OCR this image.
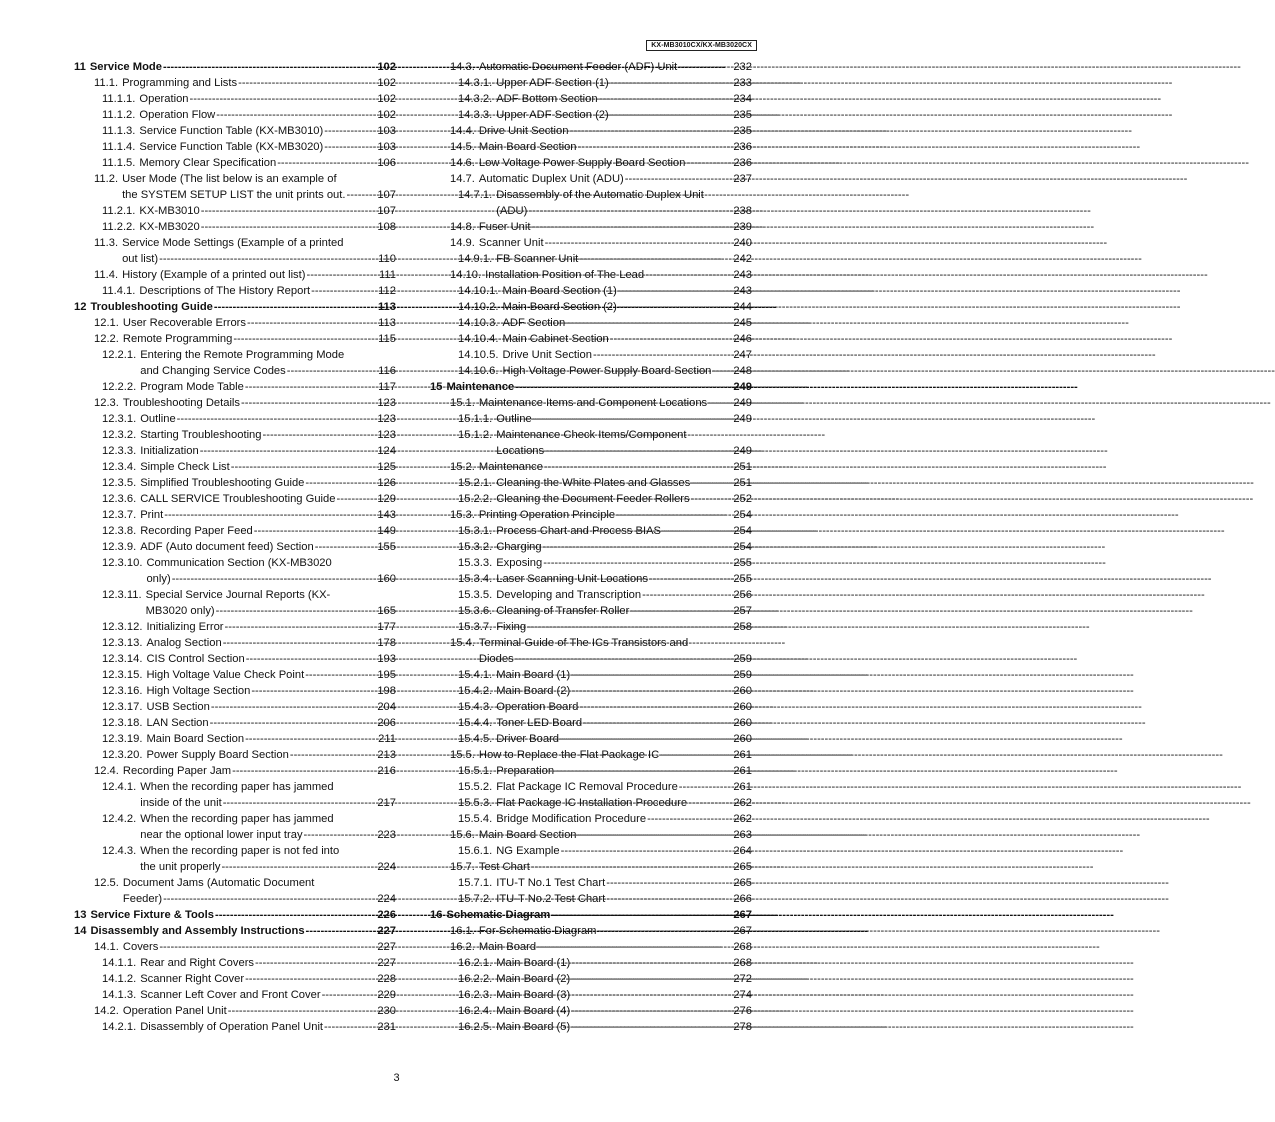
KX-MB3010CX/KX-MB3020CX
11 Service Mode -----	102
11.1. Programming and Lists -----	102
11.1.1. Operation -----	102
11.1.2. Operation Flow -----	102
11.1.3. Service Function Table (KX-MB3010) -----	103
11.1.4. Service Function Table (KX-MB3020) -----	103
11.1.5. Memory Clear Specification -----	106
11.2. User Mode (The list below is an example of
the SYSTEM SETUP LIST the unit prints out. -----	107
11.2.1. KX-MB3010 -----	107
11.2.2. KX-MB3020 -----	108
11.3. Service Mode Settings (Example of a printed
out list) -----	110
11.4. History (Example of a printed out list) -----	111
11.4.1. Descriptions of The History Report -----	112
12 Troubleshooting Guide -----	113
12.1. User Recoverable Errors -----	113
12.2. Remote Programming -----	115
12.2.1. Entering the Remote Programming Mode
and Changing Service Codes -----	116
12.2.2. Program Mode Table -----	117
12.3. Troubleshooting Details -----	123
12.3.1. Outline -----	123
12.3.2. Starting Troubleshooting -----	123
12.3.3. Initialization -----	124
12.3.4. Simple Check List -----	125
12.3.5. Simplified Troubleshooting Guide -----	126
12.3.6. CALL SERVICE Troubleshooting Guide -----	129
12.3.7. Print -----	143
12.3.8. Recording Paper Feed -----	149
12.3.9. ADF (Auto document feed) Section -----	155
12.3.10. Communication Section (KX-MB3020
only) -----	160
12.3.11. Special Service Journal Reports (KX-
MB3020 only) -----	165
12.3.12. Initializing Error -----	177
12.3.13. Analog Section -----	178
12.3.14. CIS Control Section -----	193
12.3.15. High Voltage Value Check Point -----	195
12.3.16. High Voltage Section -----	198
12.3.17. USB Section -----	204
12.3.18. LAN Section -----	206
12.3.19. Main Board Section -----	211
12.3.20. Power Supply Board Section -----	213
12.4. Recording Paper Jam -----	216
12.4.1. When the recording paper has jammed
inside of the unit -----	217
12.4.2. When the recording paper has jammed
near the optional lower input tray -----	223
12.4.3. When the recording paper is not fed into
the unit properly -----	224
12.5. Document Jams (Automatic Document
Feeder) -----	224
13 Service Fixture & Tools -----	226
14 Disassembly and Assembly Instructions -----	227
14.1. Covers -----	227
14.1.1. Rear and Right Covers -----	227
14.1.2. Scanner Right Cover -----	228
14.1.3. Scanner Left Cover and Front Cover -----	229
14.2. Operation Panel Unit -----	230
14.2.1. Disassembly of Operation Panel Unit -----	231
14.3. Automatic Document Feeder (ADF) Unit -----	232
14.3.1. Upper ADF Section (1) -----	233
14.3.2. ADF Bottom Section -----	234
14.3.3. Upper ADF Section (2) -----	235
14.4. Drive Unit Section -----	235
14.5. Main Board Section -----	236
14.6. Low Voltage Power Supply Board Section -----	236
14.7. Automatic Duplex Unit (ADU) -----	237
14.7.1. Disassembly of the Automatic Duplex Unit
(ADU) -----	238
14.8. Fuser Unit -----	239
14.9. Scanner Unit -----	240
14.9.1. FB Scanner Unit -----	242
14.10. Installation Position of The Lead -----	243
14.10.1. Main Board Section (1) -----	243
14.10.2. Main Board Section (2) -----	244
14.10.3. ADF Section -----	245
14.10.4. Main Cabinet Section -----	246
14.10.5. Drive Unit Section -----	247
14.10.6. High Voltage Power Supply Board Section ----- 248
15 Maintenance -----	249
15.1. Maintenance Items and Component Locations ----- 249
15.1.1. Outline -----	249
15.1.2. Maintenance Check Items/Component
Locations -----	249
15.2. Maintenance -----	251
15.2.1. Cleaning the White Plates and Glasses -----	251
15.2.2. Cleaning the Document Feeder Rollers -----	252
15.3. Printing Operation Principle -----	254
15.3.1. Process Chart and Process BIAS -----	254
15.3.2. Charging -----	254
15.3.3. Exposing -----	255
15.3.4. Laser Scanning Unit Locations -----	255
15.3.5. Developing and Transcription -----	256
15.3.6. Cleaning of Transfer Roller -----	257
15.3.7. Fixing -----	258
15.4. Terminal Guide of The ICs Transistors and
Diodes -----	259
15.4.1. Main Board (1) -----	259
15.4.2. Main Board (2) -----	260
15.4.3. Operation Board -----	260
15.4.4. Toner LED Board -----	260
15.4.5. Driver Board -----	260
15.5. How to Replace the Flat Package IC -----	261
15.5.1. Preparation -----	261
15.5.2. Flat Package IC Removal Procedure -----	261
15.5.3. Flat Package IC Installation Procedure -----	262
15.5.4. Bridge Modification Procedure -----	262
15.6. Main Board Section -----	263
15.6.1. NG Example -----	264
15.7. Test Chart -----	265
15.7.1. ITU-T No.1 Test Chart -----	265
15.7.2. ITU-T No.2 Test Chart -----	266
16 Schematic Diagram -----	267
16.1. For Schematic Diagram -----	267
16.2. Main Board -----	268
16.2.1. Main Board (1) -----	268
16.2.2. Main Board (2) -----	272
16.2.3. Main Board (3) -----	274
16.2.4. Main Board (4) -----	276
16.2.5. Main Board (5) -----	278
3
